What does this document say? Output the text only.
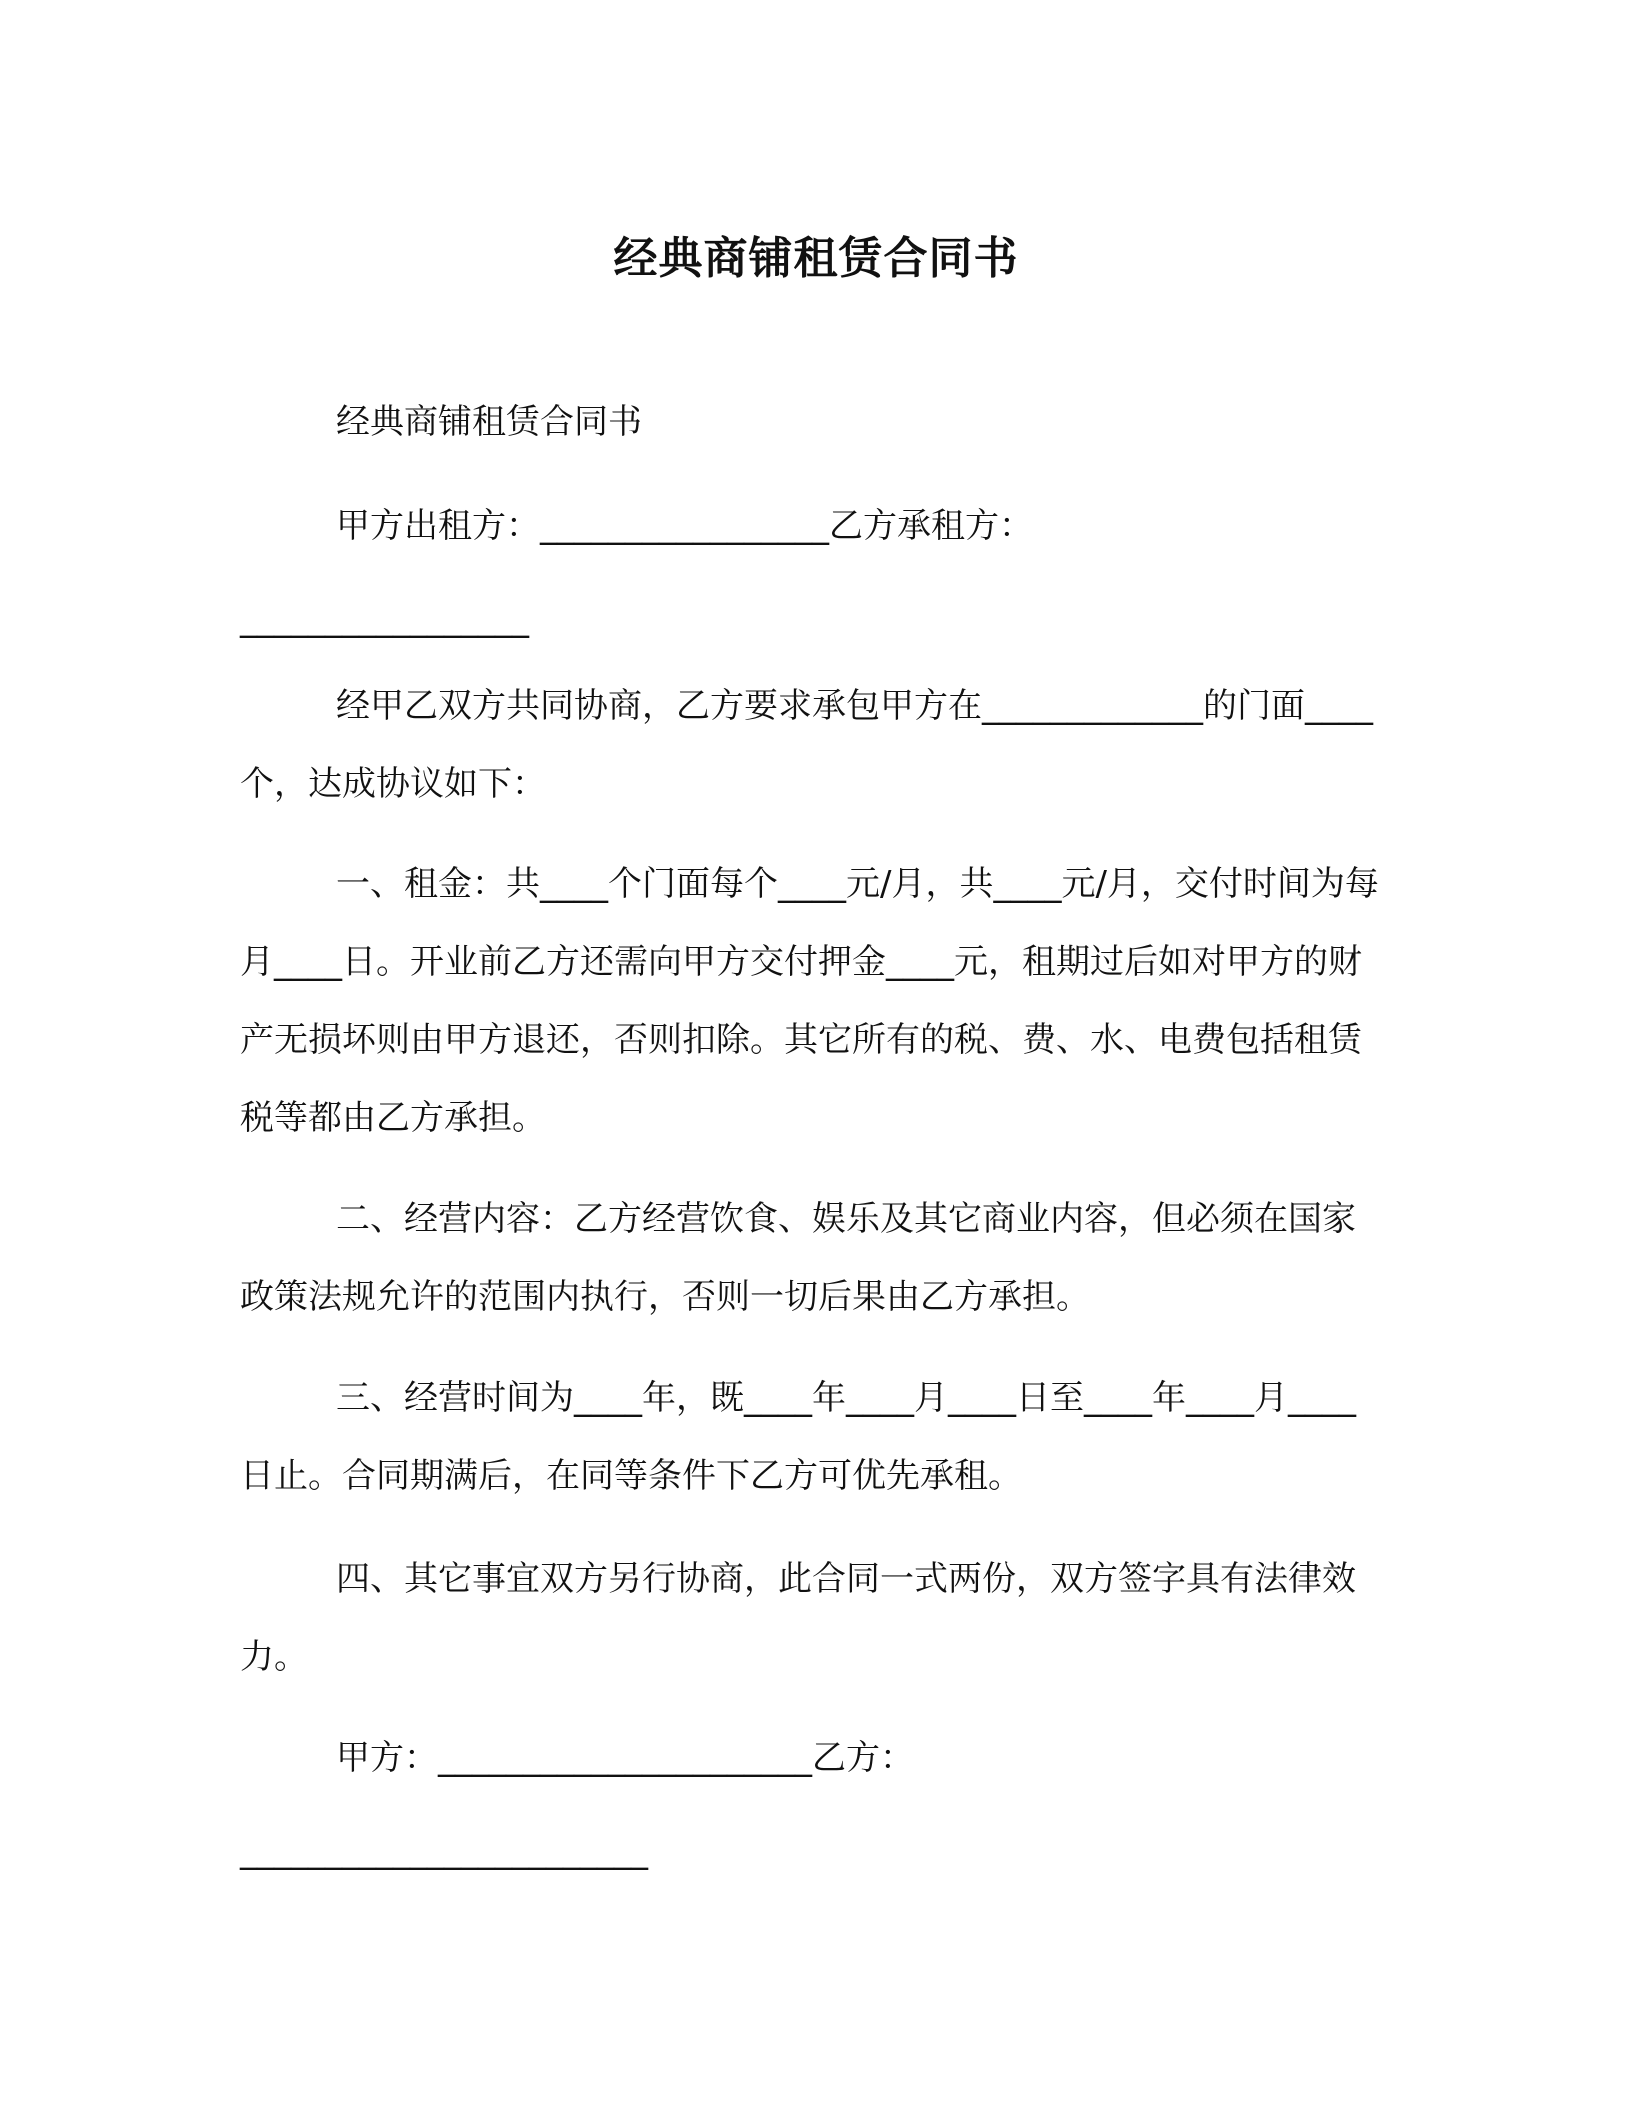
经典商铺租赁合同书

经典商铺租赁合同书

甲方出租方：_________________乙方承租方：

_________________

经甲乙双方共同协商，乙方要求承包甲方在_____________的门面____个，达成协议如下：

一、租金：共____个门面每个____元/月，共____元/月，交付时间为每月____日。开业前乙方还需向甲方交付押金____元，租期过后如对甲方的财产无损坏则由甲方退还，否则扣除。其它所有的税、费、水、电费包括租赁税等都由乙方承担。

二、经营内容：乙方经营饮食、娱乐及其它商业内容，但必须在国家政策法规允许的范围内执行，否则一切后果由乙方承担。

三、经营时间为____年，既____年____月____日至____年____月____日止。合同期满后，在同等条件下乙方可优先承租。

四、其它事宜双方另行协商，此合同一式两份，双方签字具有法律效力。

甲方：______________________乙方：

________________________
